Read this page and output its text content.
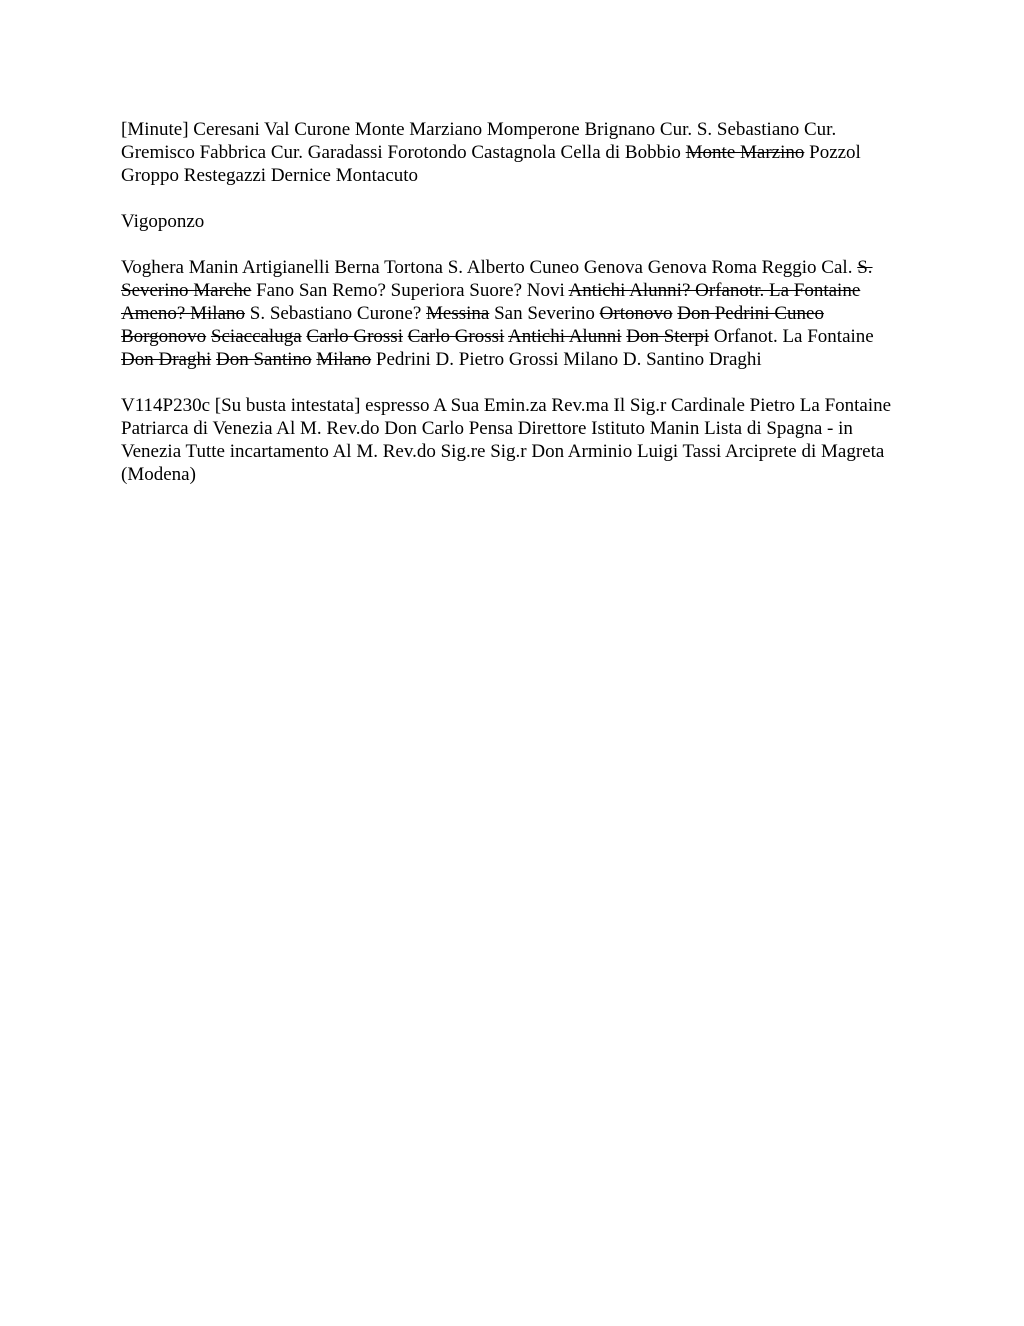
[Minute] Ceresani Val Curone Monte Marziano Momperone Brignano Cur. S. Sebastiano Cur. Gremisco Fabbrica Cur. Garadassi Forotondo Castagnola Cella di Bobbio Monte Marzino Pozzol Groppo Restegazzi Dernice Montacuto

Vigoponzo

Voghera Manin Artigianelli Berna Tortona S. Alberto Cuneo Genova Genova Roma Reggio Cal. S. Severino Marche Fano San Remo? Superiora Suore? Novi Antichi Alunni? Orfanotr. La Fontaine Ameno? Milano S. Sebastiano Curone? Messina San Severino Ortonovo Don Pedrini Cuneo Borgonovo Sciaccaluga Carlo Grossi Carlo Grossi Antichi Alunni Don Sterpi Orfanot. La Fontaine Don Draghi Don Santino Milano Pedrini D. Pietro Grossi Milano D. Santino Draghi

V114P230c [Su busta intestata] espresso A Sua Emin.za Rev.ma Il Sig.r Cardinale Pietro La Fontaine Patriarca di Venezia Al M. Rev.do Don Carlo Pensa Direttore Istituto Manin Lista di Spagna - in Venezia Tutte incartamento Al M. Rev.do Sig.re Sig.r Don Arminio Luigi Tassi Arciprete di Magreta (Modena)
